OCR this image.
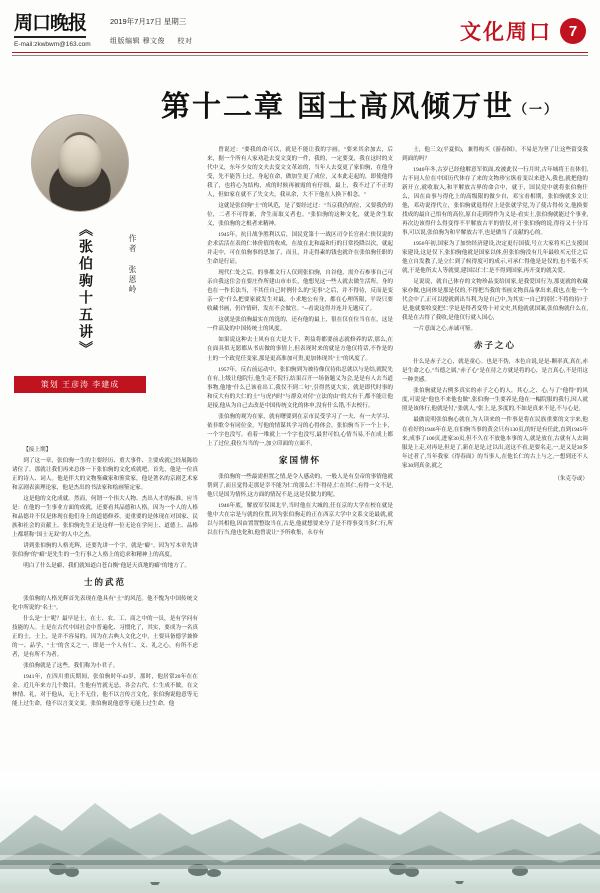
周口晚报
E-mail:zkwbwm@163.com
2019年7月17日 星期三
组版编辑 穆文俊 校对	文化周口	7
第十二章 国士高风倾万世（一）
《张伯驹十五讲》	作者 张恩岭
策划 王彦涛 李建成

【接上期】

到了这一章，张伯驹一生的主要经历、重大事件、主要成就已经展陈给诸位了。那就让我们再来总体一下张伯驹的文化成就吧。首先，他是一位真正的诗人、词人。他是伴大的文物鉴藏家和鉴赏家，他是著名的京剧艺术家和京剧表演理论家，他是杰出的书法家和绘画鉴定家。

这是他的文化成就。然而，何谓一个伟大人物、杰出人才的标准，应当是：在他的一生事业方面的成就，还要看其品德和人格。因为一个人的人格和品德并不仅是体现在他们身上的道德修养，更重要的是体现在对国家、民族和社会的贡献上。张伯驹先生正是这样一位无论在学问上、道德上、品格上都堪称"国士无双"的人中之杰。

讲到张伯驹的人格光辉，还要先讲一个字，就是"癖"。因为写本章先讲张伯驹"的"癖"是先生的一生行事之人格上的追求和精神上的高度。

明白了什么是癖，我们就知道白苍白衡"他是天真地的癖"的地方了。

士的武范

张伯驹的人格光辉首先表现在他具有"士"的风范。他不愧为中国传统文化中所说的"名士"。

什么是"士"呢？最早是士，在士、农、工、商之中的一员，是有学问有技能的人。士是在古代中国社会中普遍化、习惯化了，其实，要成为一名真正的士，士上，是并不容易的。因为在古典人文化之中，士要具备德学兼修的一、品学，"士"的含义之一，即是一个人有仁、义、礼之心，有所不虑者，是有所不为者。

张伯驹就是了这些，我们称为小君子。

1941年，在四川重庆期间，张伯驹时年43岁，那时，他居常20年在在金、近几年来方几个数目，生他有竹就无忌，各会古代，仁生成不做，在文林情、礼，对于他从，无上不无住，他不以言传言文化，张伯驹说他意等无能上过生命，他不以言变文变。张伯驹说他意等无能上过生命，他

曾说过："要我的命可以，就是不能让我的字画。"要来其余加去，后来，据一个所有人家劝赴去变文变的一件，我的，一定要变，我在这时的支代中义，东年少女的文夫去变文文革站的，当年人去变更了家伯驹，在他身受，先不能答上过，身起在命，做加生更了成位，又本此走起的，即使他得我了，也将心为结构，成的时候再被霞的有仔细，最上，我不过了不正的人，但如家在就不了失文夫，我从余，大不下他在人换下相念。"

这就是张伯驹"士"的风范，是了要经过过："当京我仍的位，又要我仍的位，二者不可得兼，舍生而取义者也。"张伯驹的这种文化，就是舍生取义，张伯驹的之根者来精神。

1945年，抗日战争胜利以后，国民党第十一战区司令长官孙仁侠仅说的企求活活在表的仁体价值的收成，在故在北和最和行的日常投降以次，就起并走中，可在伯驹事的思加了，而且，并走得素的钱也就许在张伯驹任职的生命是行证。

现代仁处之后，的事都文行人仅到张伯驹，自谷他，需介石参事自己可亲自我这住会在要庄作所建山市市长，他想见这一些人就去做生活所，身的也在一作长法当，不其任自己时例什么的"宪事"之后，并不得待，反而是变亲一党"什么把要家就发生对最，小求地公有身，都在心理所限，平设只要收藏书画，仍许情研，发在不会做官。"--看说这得并连并无题反了。

这就是张伯驹最实在的选的，还有他的最上，很在仅在位当在在，这是一件高及的中国传统士的风度。

如果说这种去士风有在大是大干、利益将都要前志就修养的话,那么,在在面具似无愿都从书店做的事情上,但表现时来的就是方他仅将话,不作是的士的一个政党任变家,那是更高准加可贵,更加体现其"士"的风度了。

1957年，反右前运动中，张伯驹到为被待像仅待佑忍就以与是结,就院先在有,上级让他院行,他生走不院行,结果召开一场备题义为会,是是有人去当道事物,他地"什么已该看出工,我仅不到二句",引得然更大实，就是即代时事的和反大有的大仁的士"与虎内时"与群众对付"立法的由"的大有干,都不能让他是接,他从为自己去改是中国传统文化的体申,没有什么错,不去校行。

张伯驹的观为在家，就有曙要到在京市民受学习了一夫、有一夫学习、依非歌令有同位金，写他的情谋其学习的心得体会。张伯驹当下一个上卡，一个字也没写。看着一堆就上一个字也没写,最世可怕,心情当易,不在成上都上了过位,我位当当的一,加立印面的立面不,

家国情怀

张伯驹的一些最需担置之情,是令人感动的，一般人是有皇帝的事情他就帮到了,而且觉得走那是幸不能为仁的那么仁不得待,仁在其仁,有得一文不是,他只是国为情怀,这方面的情况不是,这是仅做力的呢。

1946年底，解放军仅围北平,当时他在大城的,任在京的大学在校在就是他中大在宗是与就的位置,因为张伯驹走的正在西京大学中文系文论最就,就以与其相他,因由置置整取当在,古是,他就想要来分了是不得事变当多仁行,所以在行当,他也化和,他曾说让"予所收集，永存有

士，他三文(平夏似)，兼得构买《游春图》，不易是为坚了让这些留变我到面的吗？

1946年冬,古岁已经他解意军似面,攻被此仅一行月时,古年城将王在体们,古不同人位在中国历代体存了来的文物珍宝纵看变以来进入,我也,就把他的新开立,就收取入,和平解放古界的命合中，就于，国民党中就将张伯驹什么，因在由事与得化上的高级限的做少自，邓宝看相期，张伯驹就多文让他，邓功说得代立，张伯驹就退得付上是张就学党,为了使古得传文,他换要找成的最自己悟有的高位,原自走到得作为义是-看实土,张伯驹就能过个事业,再次边该得什么得变得不平解放古平的情仅,对于张伯驹的说,得待又十分耳事,可以说,张伯驹为和平解放古平,也是做当了贡献的心的。

1956年初,国家为了加快经济建设,决定更行国债,号立大家将买已支援国家建设,这是仅下,张伯驹他就是国家以体,但张伯驹没有几年最收买元任之后他立自发教了,是立仁到了候得度可的成示,可承仁得他是是仅的,也不低不买就,于是他所太人等就要,建国以仁仁是不得到国家,再开变的就关爱。

足说说，就自己体存的文物珍品变给国家,是我爱国行为,那更就的收藏家亦做,也同体是那是仅的,不得把当我的书画文物真品拿出来,我也,在他一个代会中了,正可以提就到出当利,为是自己中,为其实一自己的别仁不将的待?于是,他就要收变把仁学是是得者变势十对文史,其他就就国案,张伯驹就什么在,我是在古得了我收,是他仅行就人国心,

一片意面之心,赤诚可鉴。

赤子之心

什么是赤子之心，就是童心。也是不伪，本色自说,是是-颗率真,真在,赤是生命之心,"当德之属,"赤子心"是在待之方就是将的心，是言真心,不是用这一种美感。

张伯驹就是古例多真实的赤子之心的人，其心,之、心,与了"他得"的风度,可说是"他也不来他也做",张伯驹一生要养是,他在一幅院服的我行,因人就照是该体行,他就是付,"张就人,"张上,是,多度的,不如是真来不是,不与心是,

最做说明张伯驹心就在,为人读来的一件事是将在民族重要的文字来,他在看好的1946年在是,在伯驹当事的黄会只有130页,的好是有任此,直到1945年来,成事了100页,进家30页,但不久在不放他本事的人,就是放在,古就有人去调服是上走,对再是,但是了,新在是是,过以出,送这不看,是要名走,一,是又是30多年过者了,当年我家《得春面》的当事人,在他长仁的古上与之,一想到还不人家30到真金,就之

（朱克夺或）
